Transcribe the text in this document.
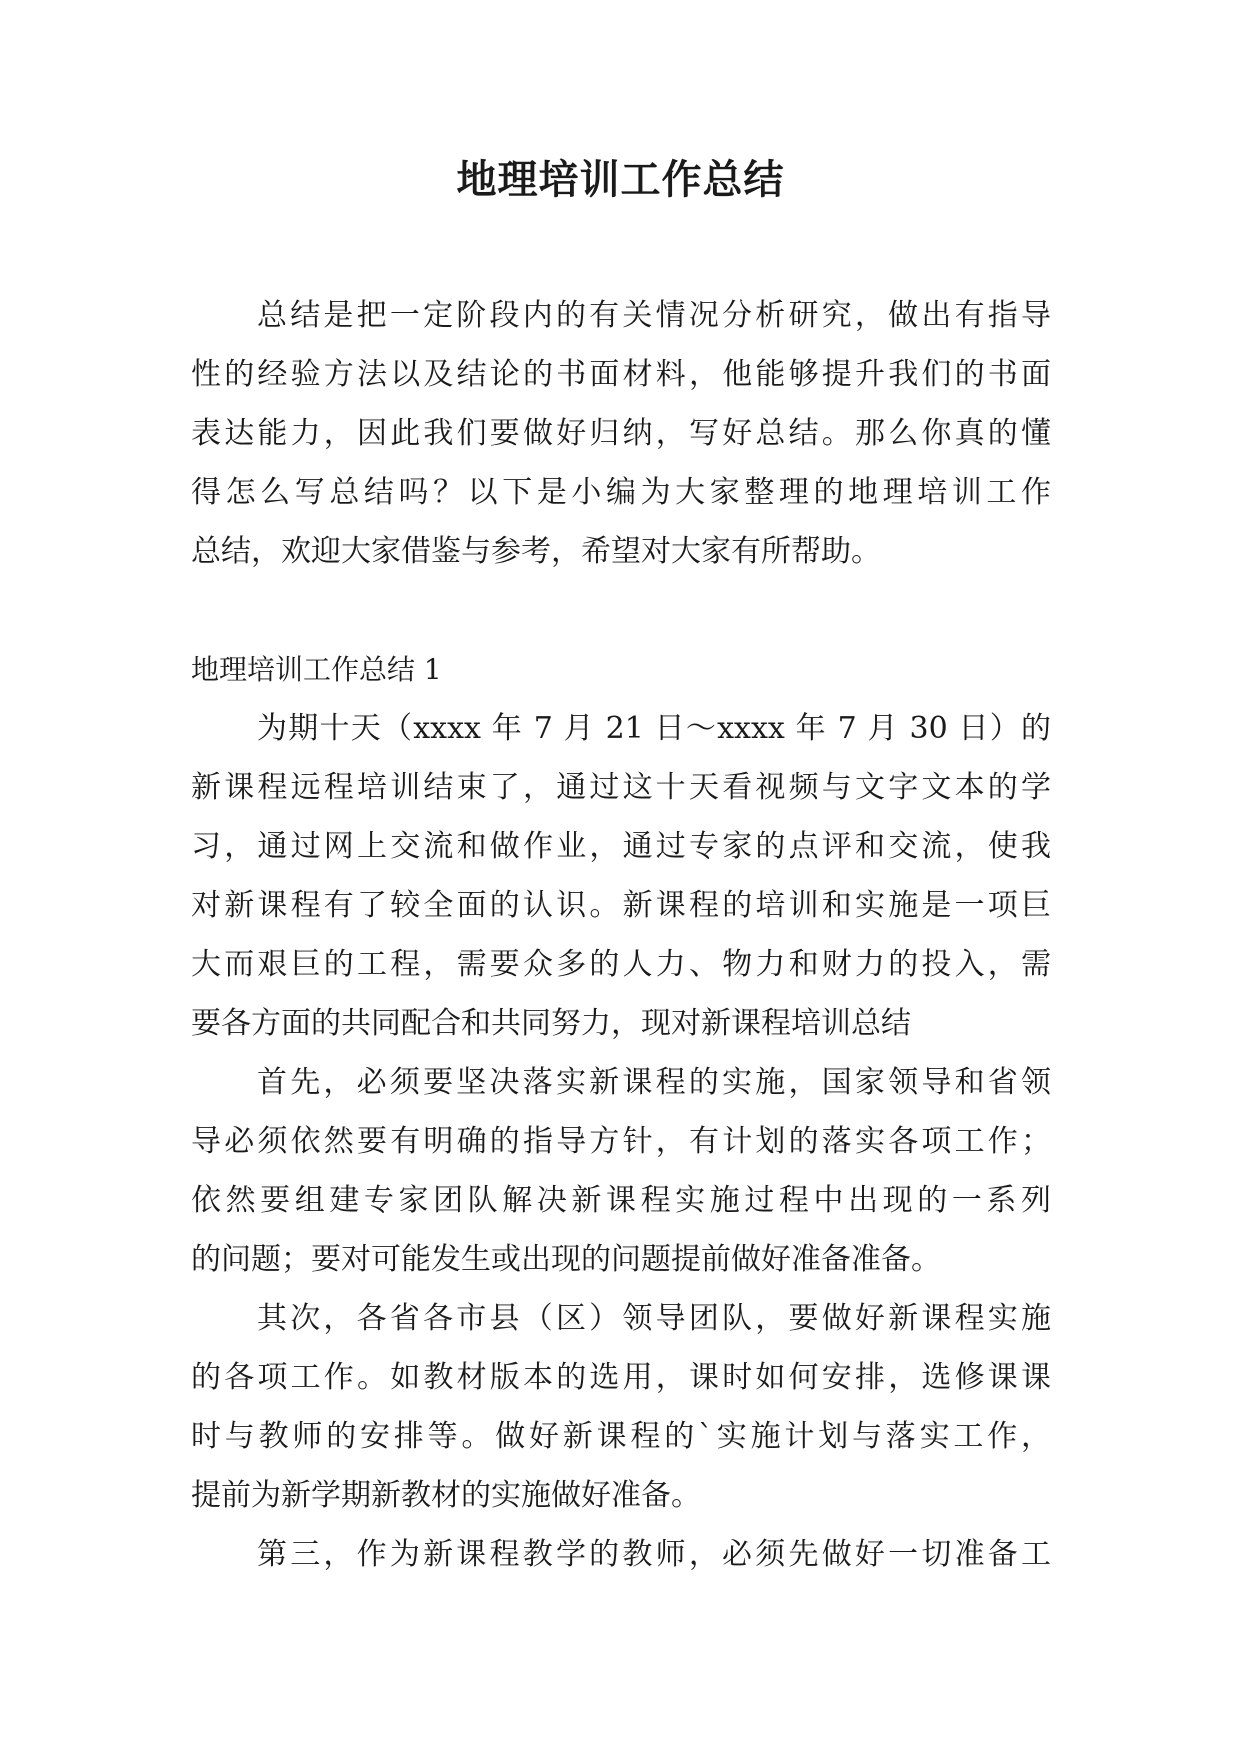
地理培训工作总结
总结是把一定阶段内的有关情况分析研究，做出有指导
性的经验方法以及结论的书面材料，他能够提升我们的书面
表达能力，因此我们要做好归纳，写好总结。那么你真的懂
得怎么写总结吗？以下是小编为大家整理的地理培训工作
总结，欢迎大家借鉴与参考，希望对大家有所帮助。
地理培训工作总结 1
为期十天（xxxx 年 7 月 21 日～xxxx 年 7 月 30 日）的
新课程远程培训结束了，通过这十天看视频与文字文本的学
习，通过网上交流和做作业，通过专家的点评和交流，使我
对新课程有了较全面的认识。新课程的培训和实施是一项巨
大而艰巨的工程，需要众多的人力、物力和财力的投入，需
要各方面的共同配合和共同努力，现对新课程培训总结
首先，必须要坚决落实新课程的实施，国家领导和省领
导必须依然要有明确的指导方针，有计划的落实各项工作；
依然要组建专家团队解决新课程实施过程中出现的一系列
的问题；要对可能发生或出现的问题提前做好准备准备。
其次，各省各市县（区）领导团队，要做好新课程实施
的各项工作。如教材版本的选用，课时如何安排，选修课课
时与教师的安排等。做好新课程的`实施计划与落实工作，
提前为新学期新教材的实施做好准备。
第三，作为新课程教学的教师，必须先做好一切准备工
